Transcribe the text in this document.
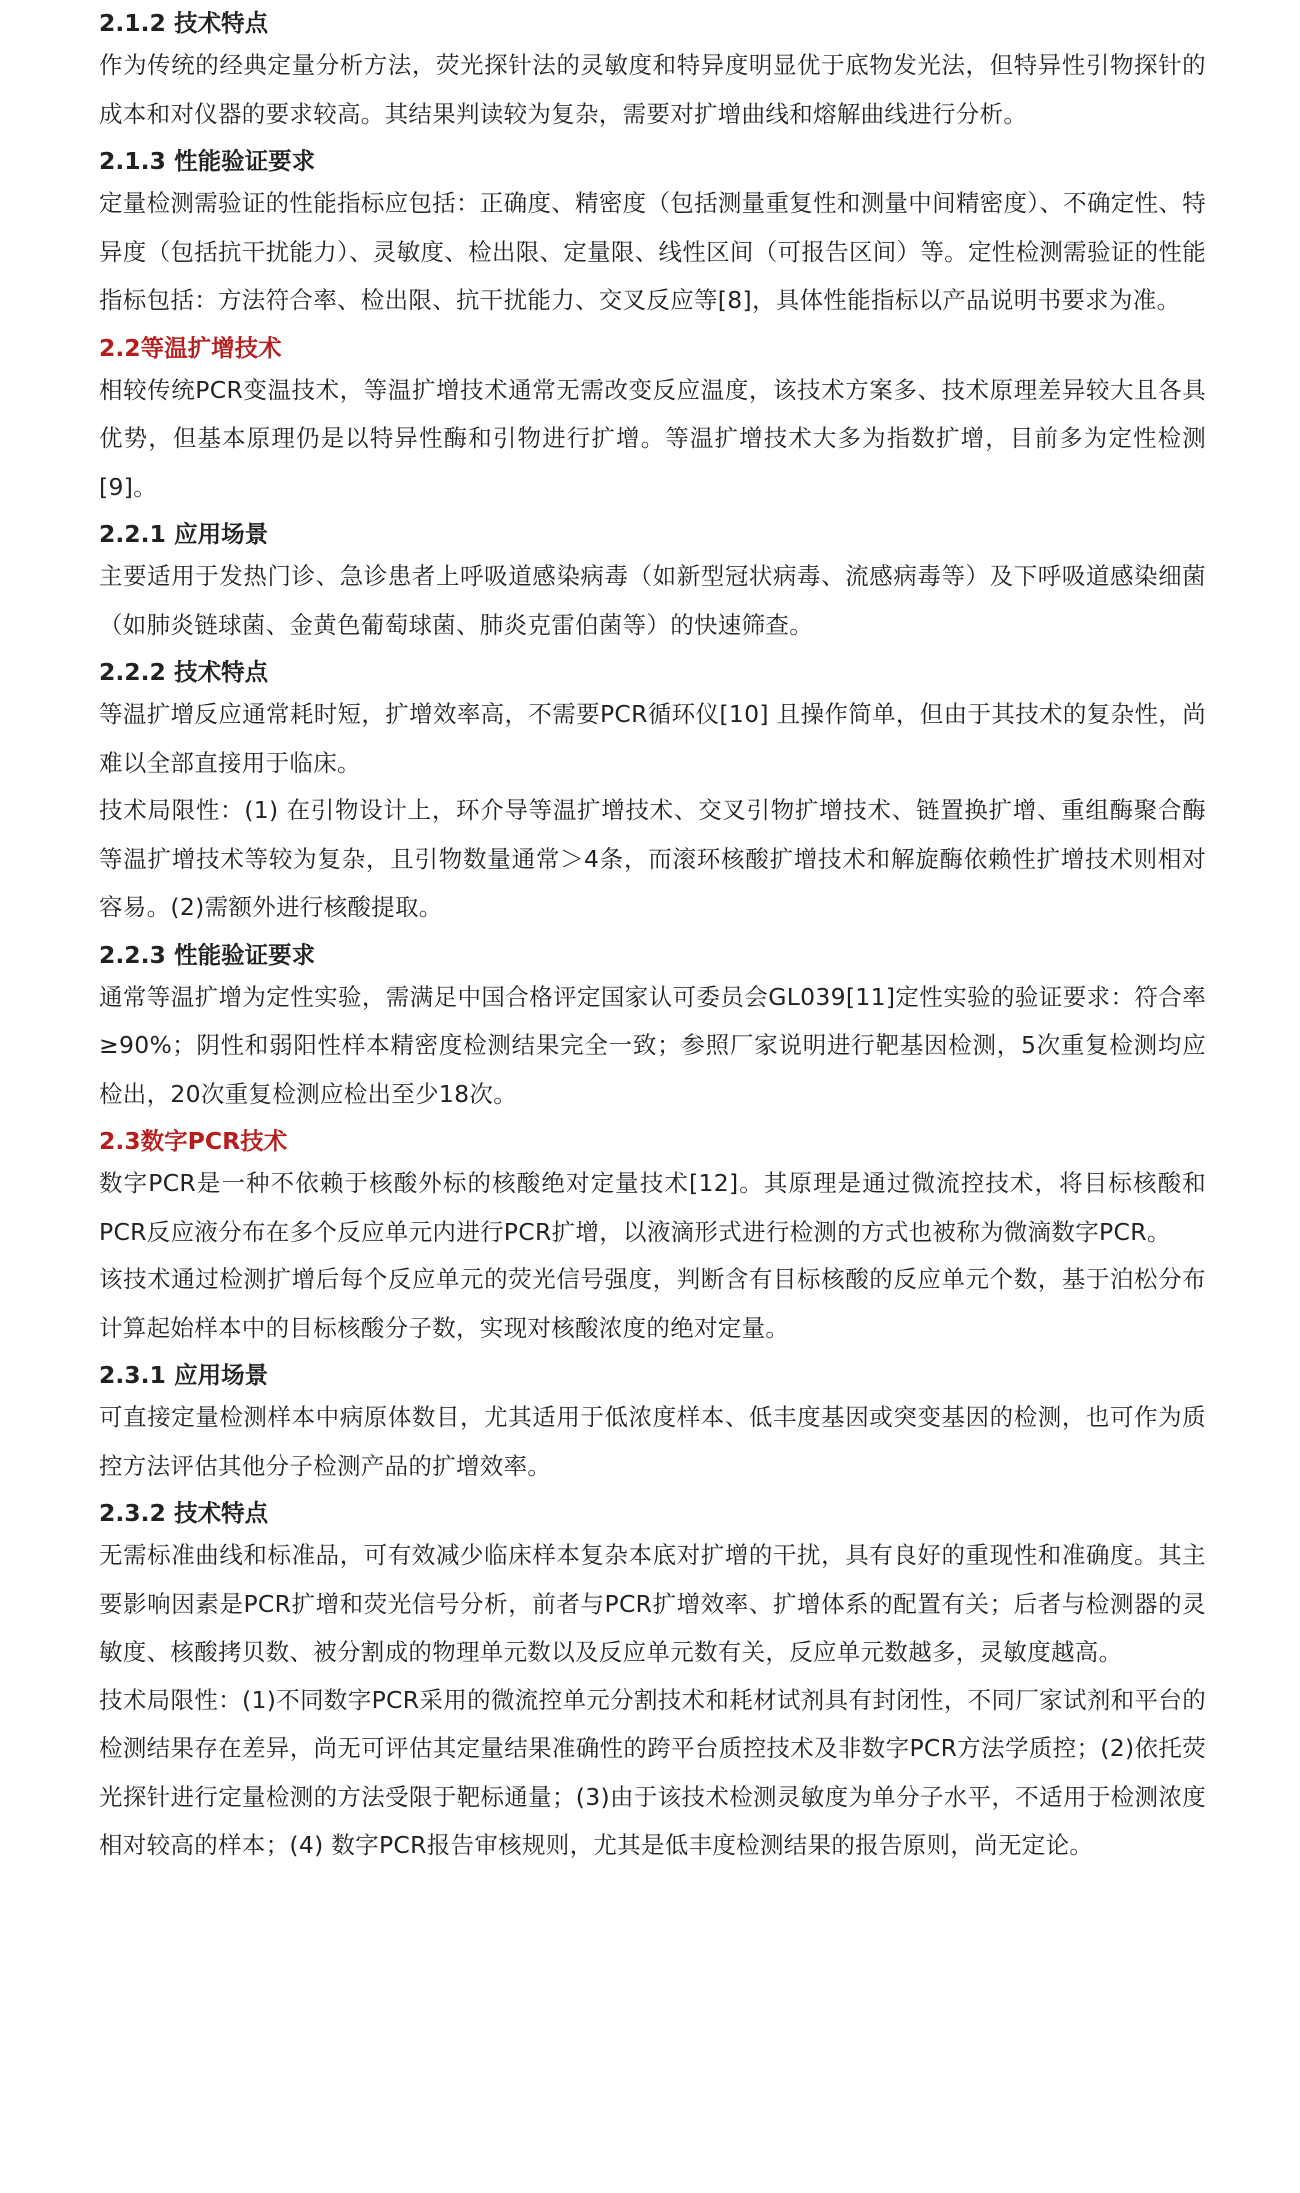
2.1.2 技术特点
作为传统的经典定量分析方法，荧光探针法的灵敏度和特异度明显优于底物发光法，但特异性引物探针的成本和对仪器的要求较高。其结果判读较为复杂，需要对扩增曲线和熔解曲线进行分析。
2.1.3 性能验证要求
定量检测需验证的性能指标应包括：正确度、精密度（包括测量重复性和测量中间精密度）、不确定性、特异度（包括抗干扰能力）、灵敏度、检出限、定量限、线性区间（可报告区间）等。定性检测需验证的性能指标包括：方法符合率、检出限、抗干扰能力、交叉反应等[8]，具体性能指标以产品说明书要求为准。
2.2等温扩增技术
相较传统PCR变温技术，等温扩增技术通常无需改变反应温度，该技术方案多、技术原理差异较大且各具优势，但基本原理仍是以特异性酶和引物进行扩增。等温扩增技术大多为指数扩增，目前多为定性检测[9]。
2.2.1 应用场景
主要适用于发热门诊、急诊患者上呼吸道感染病毒（如新型冠状病毒、流感病毒等）及下呼吸道感染细菌（如肺炎链球菌、金黄色葡萄球菌、肺炎克雷伯菌等）的快速筛查。
2.2.2 技术特点
等温扩增反应通常耗时短，扩增效率高，不需要PCR循环仪[10] 且操作简单，但由于其技术的复杂性，尚难以全部直接用于临床。
技术局限性：(1) 在引物设计上，环介导等温扩增技术、交叉引物扩增技术、链置换扩增、重组酶聚合酶等温扩增技术等较为复杂，且引物数量通常＞4条，而滚环核酸扩增技术和解旋酶依赖性扩增技术则相对容易。(2)需额外进行核酸提取。
2.2.3 性能验证要求
通常等温扩增为定性实验，需满足中国合格评定国家认可委员会GL039[11]定性实验的验证要求：符合率≥90%；阴性和弱阳性样本精密度检测结果完全一致；参照厂家说明进行靶基因检测，5次重复检测均应检出，20次重复检测应检出至少18次。
2.3数字PCR技术
数字PCR是一种不依赖于核酸外标的核酸绝对定量技术[12]。其原理是通过微流控技术，将目标核酸和PCR反应液分布在多个反应单元内进行PCR扩增，以液滴形式进行检测的方式也被称为微滴数字PCR。
该技术通过检测扩增后每个反应单元的荧光信号强度，判断含有目标核酸的反应单元个数，基于泊松分布计算起始样本中的目标核酸分子数，实现对核酸浓度的绝对定量。
2.3.1 应用场景
可直接定量检测样本中病原体数目，尤其适用于低浓度样本、低丰度基因或突变基因的检测，也可作为质控方法评估其他分子检测产品的扩增效率。
2.3.2 技术特点
无需标准曲线和标准品，可有效减少临床样本复杂本底对扩增的干扰，具有良好的重现性和准确度。其主要影响因素是PCR扩增和荧光信号分析，前者与PCR扩增效率、扩增体系的配置有关；后者与检测器的灵敏度、核酸拷贝数、被分割成的物理单元数以及反应单元数有关，反应单元数越多，灵敏度越高。
技术局限性：(1)不同数字PCR采用的微流控单元分割技术和耗材试剂具有封闭性，不同厂家试剂和平台的检测结果存在差异，尚无可评估其定量结果准确性的跨平台质控技术及非数字PCR方法学质控；(2)依托荧光探针进行定量检测的方法受限于靶标通量；(3)由于该技术检测灵敏度为单分子水平，不适用于检测浓度相对较高的样本；(4) 数字PCR报告审核规则，尤其是低丰度检测结果的报告原则，尚无定论。
